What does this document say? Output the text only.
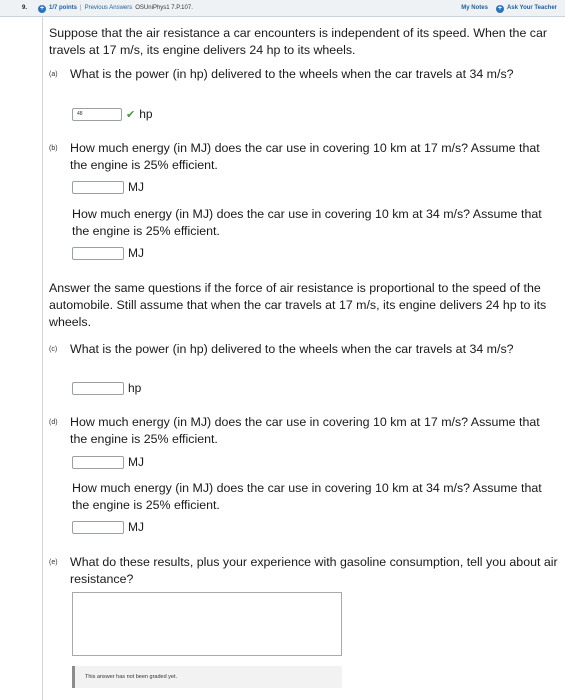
9. + 1/7 points | Previous Answers OSUniPhys1 7.P.107.	My Notes + Ask Your Teacher
Suppose that the air resistance a car encounters is independent of its speed. When the car travels at 17 m/s, its engine delivers 24 hp to its wheels.
(a)	What is the power (in hp) delivered to the wheels when the car travels at 34 m/s?
48
✔ hp
(b)	How much energy (in MJ) does the car use in covering 10 km at 17 m/s? Assume that the engine is 25% efficient.
MJ
How much energy (in MJ) does the car use in covering 10 km at 34 m/s? Assume that the engine is 25% efficient.
MJ
Answer the same questions if the force of air resistance is proportional to the speed of the automobile. Still assume that when the car travels at 17 m/s, its engine delivers 24 hp to its wheels.
(c)	What is the power (in hp) delivered to the wheels when the car travels at 34 m/s?
hp
(d)	How much energy (in MJ) does the car use in covering 10 km at 17 m/s? Assume that the engine is 25% efficient.
MJ
How much energy (in MJ) does the car use in covering 10 km at 34 m/s? Assume that the engine is 25% efficient.
MJ
(e)	What do these results, plus your experience with gasoline consumption, tell you about air resistance?
This answer has not been graded yet.
